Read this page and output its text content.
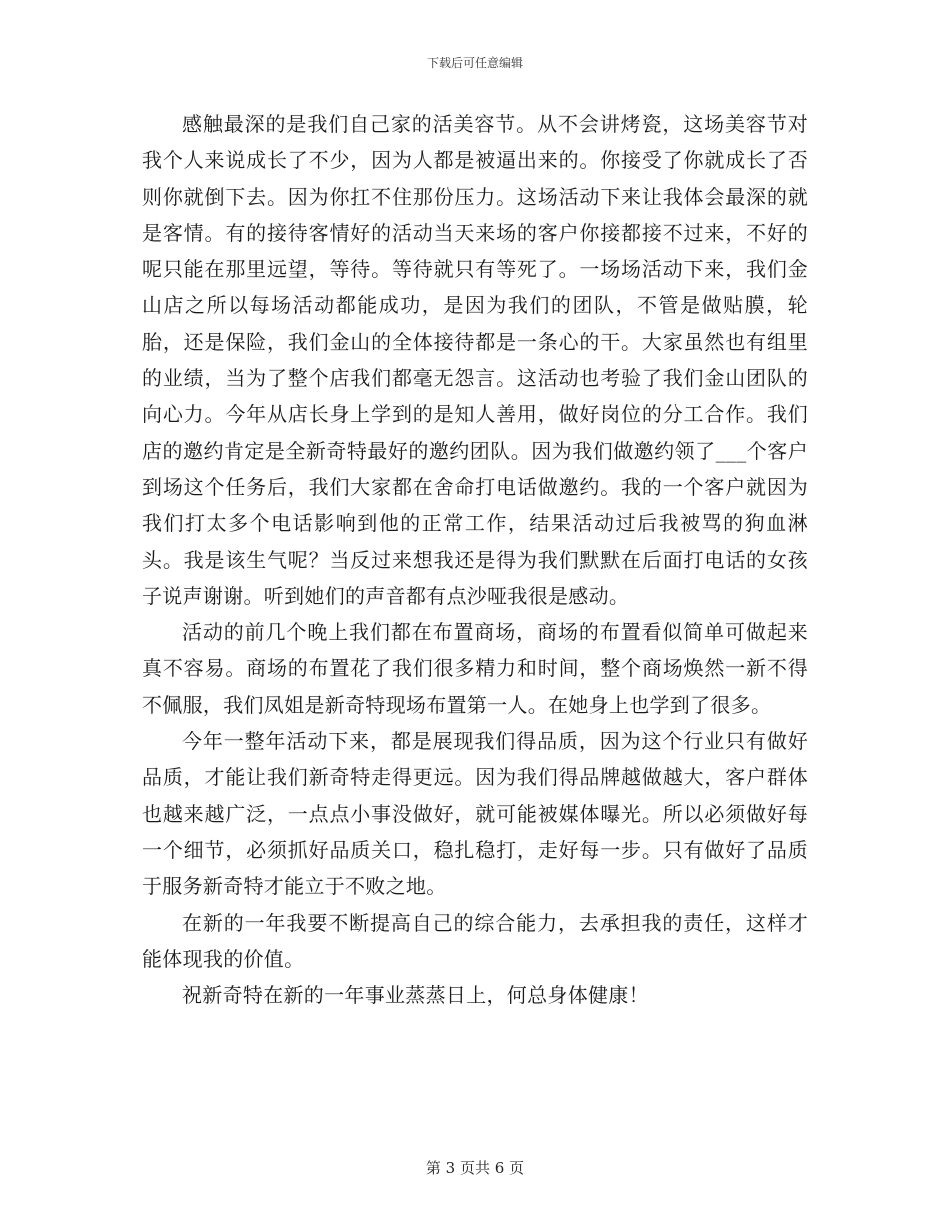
下载后可任意编辑

感触最深的是我们自己家的活美容节。从不会讲烤瓷，这场美容节对我个人来说成长了不少，因为人都是被逼出来的。你接受了你就成长了否则你就倒下去。因为你扛不住那份压力。这场活动下来让我体会最深的就是客情。有的接待客情好的活动当天来场的客户你接都接不过来，不好的呢只能在那里远望，等待。等待就只有等死了。一场场活动下来，我们金山店之所以每场活动都能成功，是因为我们的团队，不管是做贴膜，轮胎，还是保险，我们金山的全体接待都是一条心的干。大家虽然也有组里的业绩，当为了整个店我们都毫无怨言。这活动也考验了我们金山团队的向心力。今年从店长身上学到的是知人善用，做好岗位的分工合作。我们店的邀约肯定是全新奇特最好的邀约团队。因为我们做邀约领了___个客户到场这个任务后，我们大家都在舍命打电话做邀约。我的一个客户就因为我们打太多个电话影响到他的正常工作，结果活动过后我被骂的狗血淋头。我是该生气呢？当反过来想我还是得为我们默默在后面打电话的女孩子说声谢谢。听到她们的声音都有点沙哑我很是感动。

活动的前几个晚上我们都在布置商场，商场的布置看似简单可做起来真不容易。商场的布置花了我们很多精力和时间，整个商场焕然一新不得不佩服，我们凤姐是新奇特现场布置第一人。在她身上也学到了很多。

今年一整年活动下来，都是展现我们得品质，因为这个行业只有做好品质，才能让我们新奇特走得更远。因为我们得品牌越做越大，客户群体也越来越广泛，一点点小事没做好，就可能被媒体曝光。所以必须做好每一个细节，必须抓好品质关口，稳扎稳打，走好每一步。只有做好了品质于服务新奇特才能立于不败之地。

在新的一年我要不断提高自己的综合能力，去承担我的责任，这样才能体现我的价值。

祝新奇特在新的一年事业蒸蒸日上，何总身体健康！

第 3 页共 6 页
